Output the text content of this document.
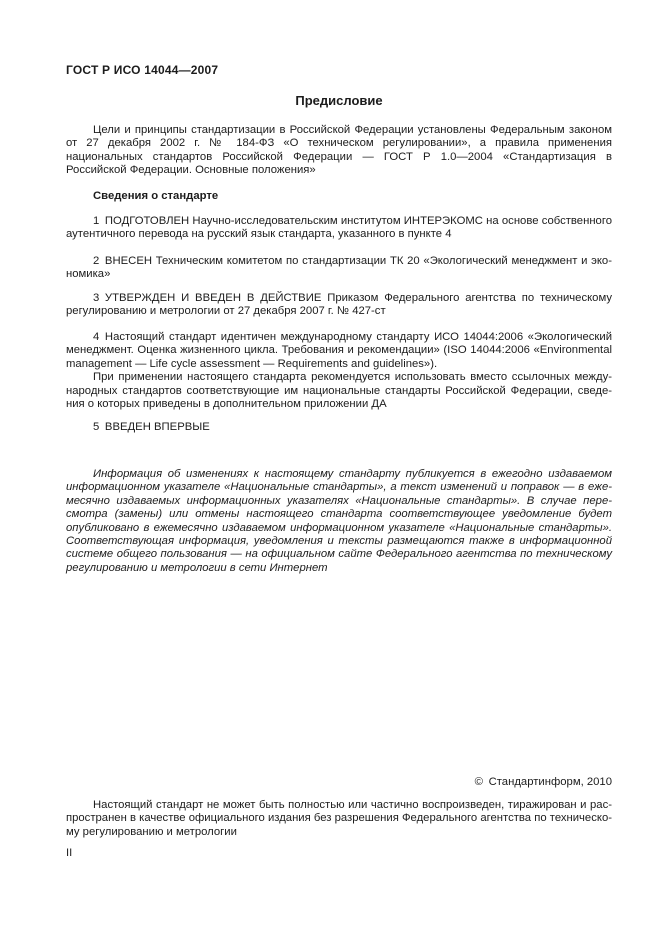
ГОСТ Р ИСО 14044—2007
Предисловие

Цели и принципы стандартизации в Российской Федерации установлены Федеральным законом от 27 декабря 2002 г. № 184-ФЗ «О техническом регулировании», а правила применения национальных стандартов Российской Федерации — ГОСТ Р 1.0—2004 «Стандартизация в Российской Федерации. Основные положения»

Сведения о стандарте

1 ПОДГОТОВЛЕН Научно-исследовательским институтом ИНТЕРЭКОМС на основе собственного аутентичного перевода на русский язык стандарта, указанного в пункте 4

2 ВНЕСЕН Техническим комитетом по стандартизации ТК 20 «Экологический менеджмент и экономика»

3 УТВЕРЖДЕН И ВВЕДЕН В ДЕЙСТВИЕ Приказом Федерального агентства по техническому регулированию и метрологии от 27 декабря 2007 г. № 427-ст

4 Настоящий стандарт идентичен международному стандарту ИСО 14044:2006 «Экологический менеджмент. Оценка жизненного цикла. Требования и рекомендации» (ISO 14044:2006 «Environmental management — Life cycle assessment — Requirements and guidelines»).

При применении настоящего стандарта рекомендуется использовать вместо ссылочных международных стандартов соответствующие им национальные стандарты Российской Федерации, сведения о которых приведены в дополнительном приложении ДА

5 ВВЕДЕН ВПЕРВЫЕ

Информация об изменениях к настоящему стандарту публикуется в ежегодно издаваемом информационном указателе «Национальные стандарты», а текст изменений и поправок — в ежемесячно издаваемых информационных указателях «Национальные стандарты». В случае пересмотра (замены) или отмены настоящего стандарта соответствующее уведомление будет опубликовано в ежемесячно издаваемом информационном указателе «Национальные стандарты». Соответствующая информация, уведомления и тексты размещаются также в информационной системе общего пользования — на официальном сайте Федерального агентства по техническому регулированию и метрологии в сети Интернет

© Стандартинформ, 2010

Настоящий стандарт не может быть полностью или частично воспроизведен, тиражирован и распространен в качестве официального издания без разрешения Федерального агентства по техническому регулированию и метрологии

II
